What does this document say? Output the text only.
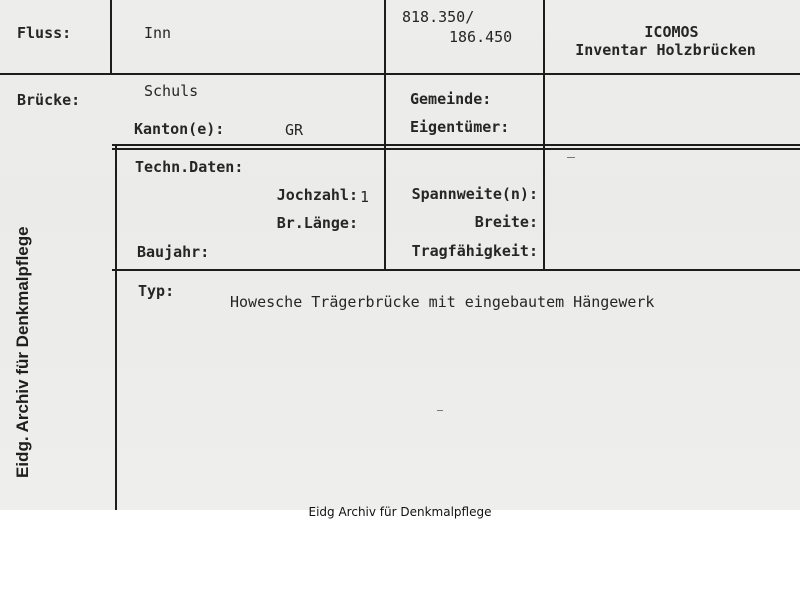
Fluss:	Inn
818.350/
186.450	ICOMOS
Inventar Holzbrücken
Brücke:	Schuls
Kanton(e):	GR
Gemeinde:
Eigentümer:
Techn.Daten:
Jochzahl: 1
Br.Länge:
Baujahr:
Spannweite(n):
Breite:
Tragfähigkeit:
Typ:
Howesche Trägerbrücke mit eingebautem Hängewerk
Eidg. Archiv für Denkmalpflege
Eidg Archiv für Denkmalpflege
